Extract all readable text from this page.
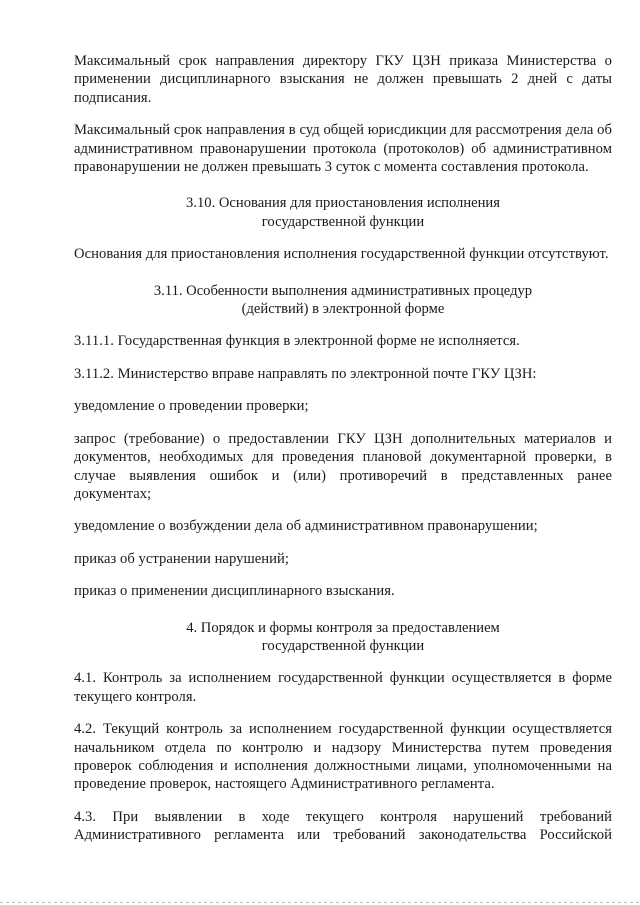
Максимальный срок направления директору ГКУ ЦЗН приказа Министерства о применении дисциплинарного взыскания не должен превышать 2 дней с даты подписания.

Максимальный срок направления в суд общей юрисдикции для рассмотрения дела об административном правонарушении протокола (протоколов) об административном правонарушении не должен превышать 3 суток с момента составления протокола.

3.10. Основания для приостановления исполнения
государственной функции

Основания для приостановления исполнения государственной функции отсутствуют.

3.11. Особенности выполнения административных процедур
(действий) в электронной форме

3.11.1. Государственная функция в электронной форме не исполняется.

3.11.2. Министерство вправе направлять по электронной почте ГКУ ЦЗН:

уведомление о проведении проверки;

запрос (требование) о предоставлении ГКУ ЦЗН дополнительных материалов и документов, необходимых для проведения плановой документарной проверки, в случае выявления ошибок и (или) противоречий в представленных ранее документах;

уведомление о возбуждении дела об административном правонарушении;

приказ об устранении нарушений;

приказ о применении дисциплинарного взыскания.

4. Порядок и формы контроля за предоставлением
государственной функции

4.1. Контроль за исполнением государственной функции осуществляется в форме текущего контроля.

4.2. Текущий контроль за исполнением государственной функции осуществляется начальником отдела по контролю и надзору Министерства путем проведения проверок соблюдения и исполнения должностными лицами, уполномоченными на проведение проверок, настоящего Административного регламента.

4.3. При выявлении в ходе текущего контроля нарушений требований Административного регламента или требований законодательства Российской
